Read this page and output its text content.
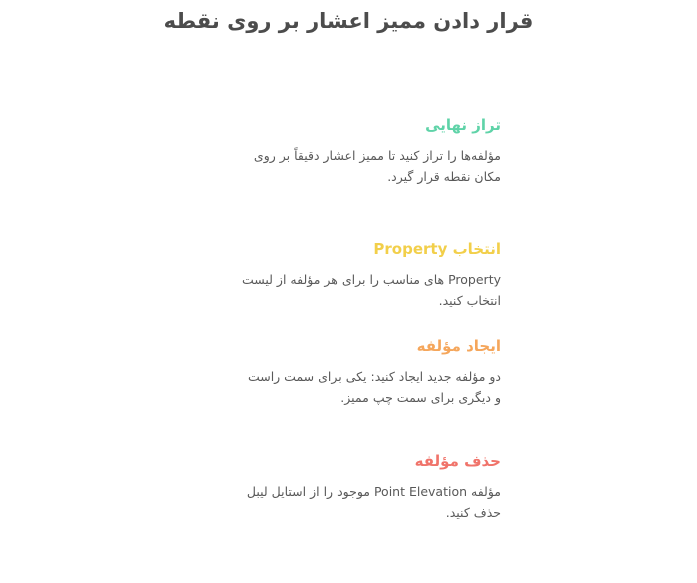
قرار دادن ممیز اعشار بر روی نقطه
تراز نهایی
مؤلفه‌ها را تراز کنید تا ممیز اعشار دقیقاً بر روی مکان نقطه قرار گیرد.
انتخاب Property
Property های مناسب را برای هر مؤلفه از لیست انتخاب کنید.
ایجاد مؤلفه
دو مؤلفه جدید ایجاد کنید: یکی برای سمت راست و دیگری برای سمت چپ ممیز.
حذف مؤلفه
مؤلفه Point Elevation موجود را از استایل لیبل حذف کنید.
